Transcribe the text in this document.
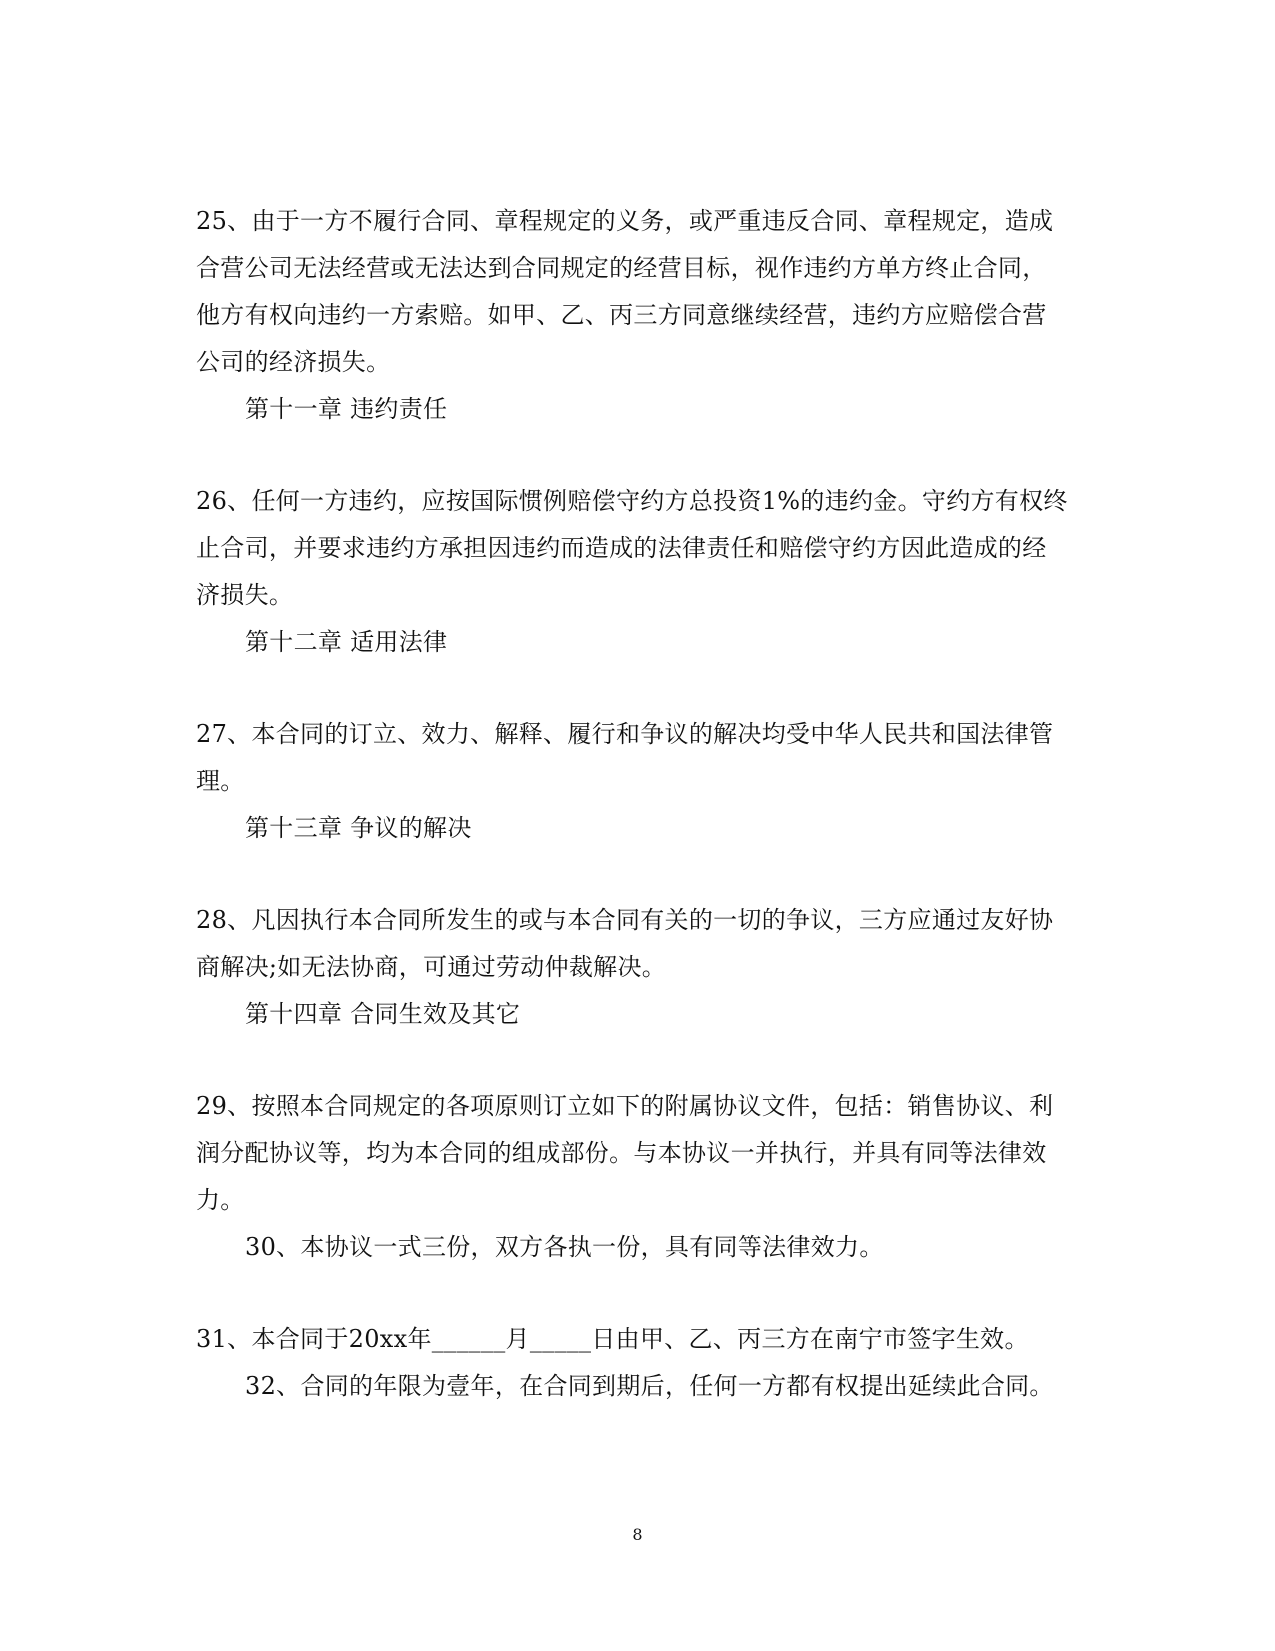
25、由于一方不履行合同、章程规定的义务，或严重违反合同、章程规定，造成
合营公司无法经营或无法达到合同规定的经营目标，视作违约方单方终止合同，
他方有权向违约一方索赔。如甲、乙、丙三方同意继续经营，违约方应赔偿合营
公司的经济损失。
第十一章 违约责任
26、任何一方违约，应按国际惯例赔偿守约方总投资1%的违约金。守约方有权终
止合司，并要求违约方承担因违约而造成的法律责任和赔偿守约方因此造成的经
济损失。
第十二章 适用法律
27、本合同的订立、效力、解释、履行和争议的解决均受中华人民共和国法律管
理。
第十三章 争议的解决
28、凡因执行本合同所发生的或与本合同有关的一切的争议，三方应通过友好协
商解决;如无法协商，可通过劳动仲裁解决。
第十四章 合同生效及其它
29、按照本合同规定的各项原则订立如下的附属协议文件，包括：销售协议、利
润分配协议等，均为本合同的组成部份。与本协议一并执行，并具有同等法律效
力。
30、本协议一式三份，双方各执一份，具有同等法律效力。
31、本合同于20xx年______月_____日由甲、乙、丙三方在南宁市签字生效。
32、合同的年限为壹年，在合同到期后，任何一方都有权提出延续此合同。
8
